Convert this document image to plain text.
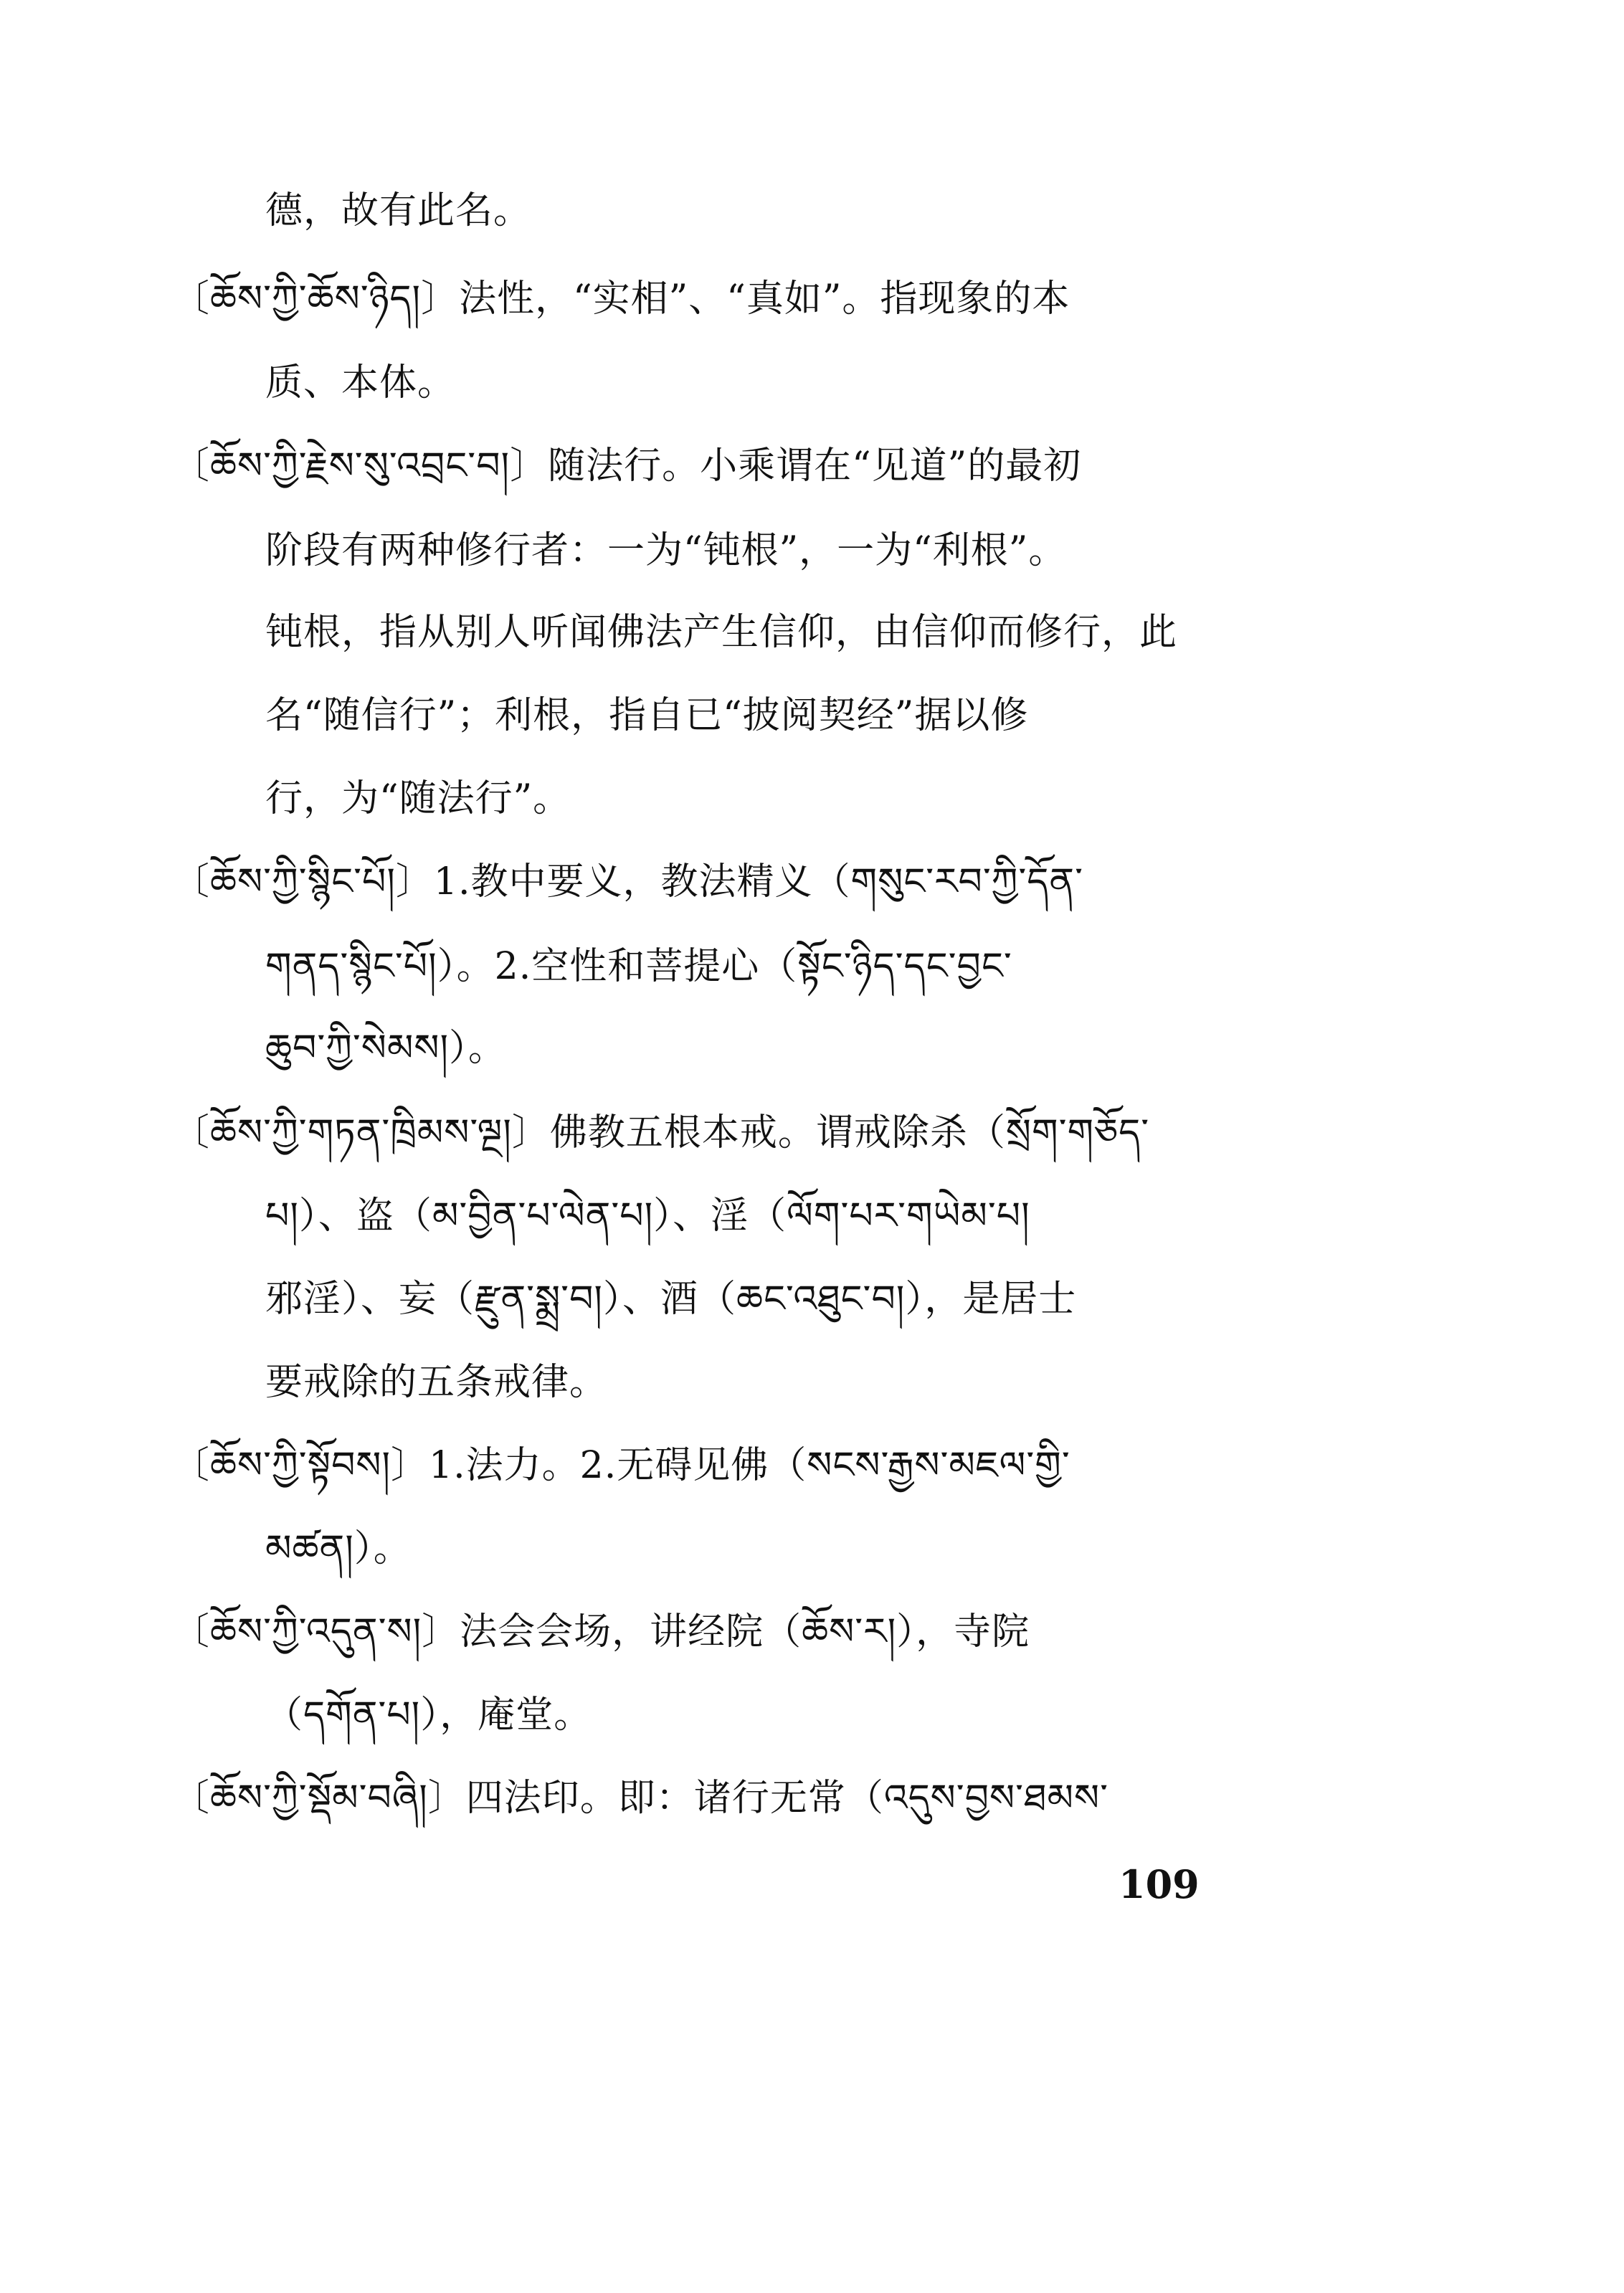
德，故有此名。
〔ཆོས་ཀྱི་ཆོས་ཉིད།〕法性，“实相”、“真如”。指现象的本
质、本体。
〔ཆོས་ཀྱི་རྗེས་སུ་འབྲང་བ།〕随法行。小乘谓在“见道”的最初
阶段有两种修行者：一为“钝根”，一为“利根”。
钝根，指从别人听闻佛法产生信仰，由信仰而修行，此
名“随信行”；利根，指自已“披阅契经”据以修
行，为“随法行”。
〔ཆོས་ཀྱི་སྙིང་པོ།〕1.教中要义，教法精义（གསུང་རབ་ཀྱི་དོན་
གནད་སྙིང་པོ།）。2.空性和菩提心（སྟོང་ཉིད་དང་བྱང་
ཆུབ་ཀྱི་སེམས།）。
〔ཆོས་ཀྱི་གཏན་ཁྲིམས་ལྔ།〕佛教五根本戒。谓戒除杀（སྲོག་གཅོད་
པ།）、盗（མ་བྱིན་པ་ལེན་པ།）、淫（ལོག་པར་གཡེམ་པ།
邪淫）、妄（རྫུན་སྨྲ་བ།）、酒（ཆང་འཐུང་བ།），是居士
要戒除的五条戒律。
〔ཆོས་ཀྱི་སྟོབས།〕1.法力。2.无碍见佛（སངས་རྒྱས་མཇལ་གྱི་
མཚན།）。
〔ཆོས་ཀྱི་འདུན་ས།〕法会会场，讲经院（ཆོས་ར།），寺院
（དགོན་པ།），庵堂。
〔ཆོས་ཀྱི་སྡོམ་བཞི།〕四法印。即：诸行无常（འདུས་བྱས་ཐམས་
109
